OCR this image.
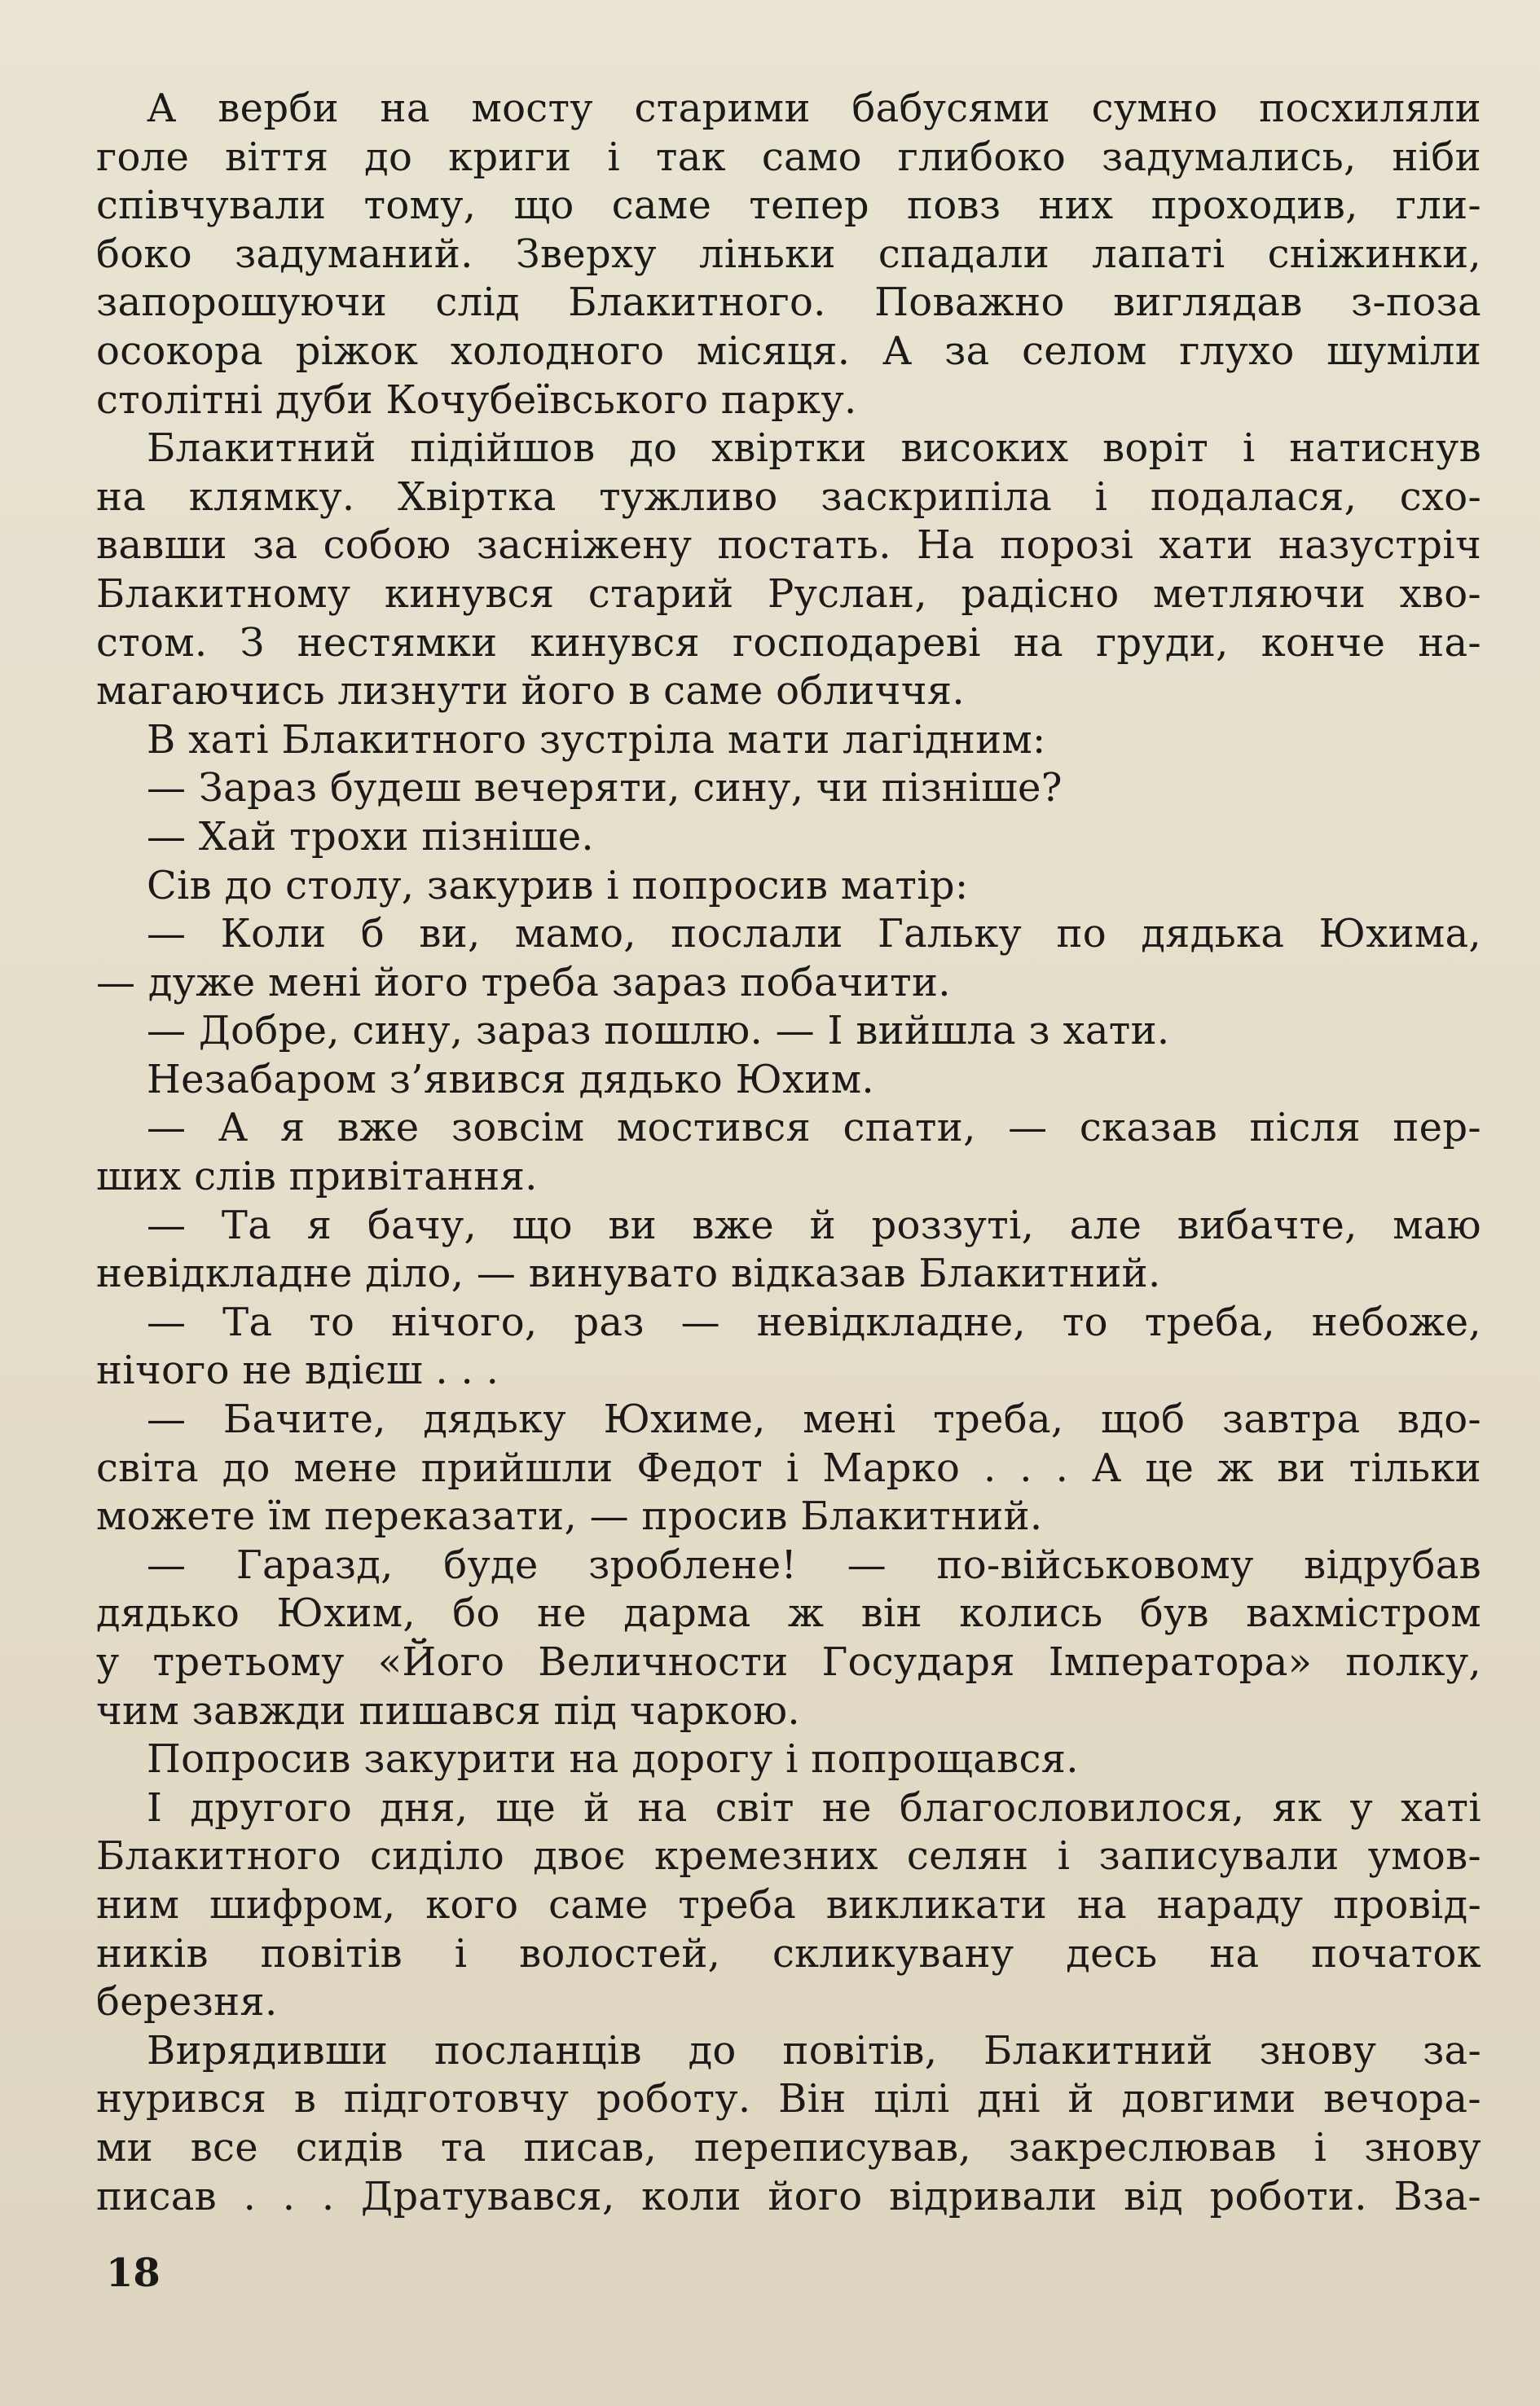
А верби на мосту старими бабусями сумно посхиляли
голе віття до криги і так само глибоко задумались, ніби
співчували тому, що саме тепер повз них проходив, гли-
боко задуманий. Зверху ліньки спадали лапаті сніжинки,
запорошуючи слід Блакитного. Поважно виглядав з-поза
осокора ріжок холодного місяця. А за селом глухо шуміли
столітні дуби Кочубеївського парку.
Блакитний підійшов до хвіртки високих воріт і натиснув
на клямку. Хвіртка тужливо заскрипіла і подалася, схо-
вавши за собою засніжену постать. На порозі хати назустріч
Блакитному кинувся старий Руслан, радісно метляючи хво-
стом. З нестямки кинувся господареві на груди, конче на-
магаючись лизнути його в саме обличчя.
В хаті Блакитного зустріла мати лагідним:
— Зараз будеш вечеряти, сину, чи пізніше?
— Хай трохи пізніше.
Сів до столу, закурив і попросив матір:
— Коли б ви, мамо, послали Гальку по дядька Юхима,
— дуже мені його треба зараз побачити.
— Добре, сину, зараз пошлю. — І вийшла з хати.
Незабаром з’явився дядько Юхим.
— А я вже зовсім мостився спати, — сказав після пер-
ших слів привітання.
— Та я бачу, що ви вже й роззуті, але вибачте, маю
невідкладне діло, — винувато відказав Блакитний.
— Та то нічого, раз — невідкладне, то треба, небоже,
нічого не вдієш . . .
— Бачите, дядьку Юхиме, мені треба, щоб завтра вдо-
світа до мене прийшли Федот і Марко . . . А це ж ви тільки
можете їм переказати, — просив Блакитний.
— Гаразд, буде зроблене! — по-військовому відрубав
дядько Юхим, бо не дарма ж він колись був вахмістром
у третьому «Його Величности Государя Імператора» полку,
чим завжди пишався під чаркою.
Попросив закурити на дорогу і попрощався.
І другого дня, ще й на світ не благословилося, як у хаті
Блакитного сиділо двоє кремезних селян і записували умов-
ним шифром, кого саме треба викликати на нараду провід-
ників повітів і волостей, скликувану десь на початок
березня.
Вирядивши посланців до повітів, Блакитний знову за-
нурився в підготовчу роботу. Він цілі дні й довгими вечора-
ми все сидів та писав, переписував, закреслював і знову
писав . . . Дратувався, коли його відривали від роботи. Вза-
18
